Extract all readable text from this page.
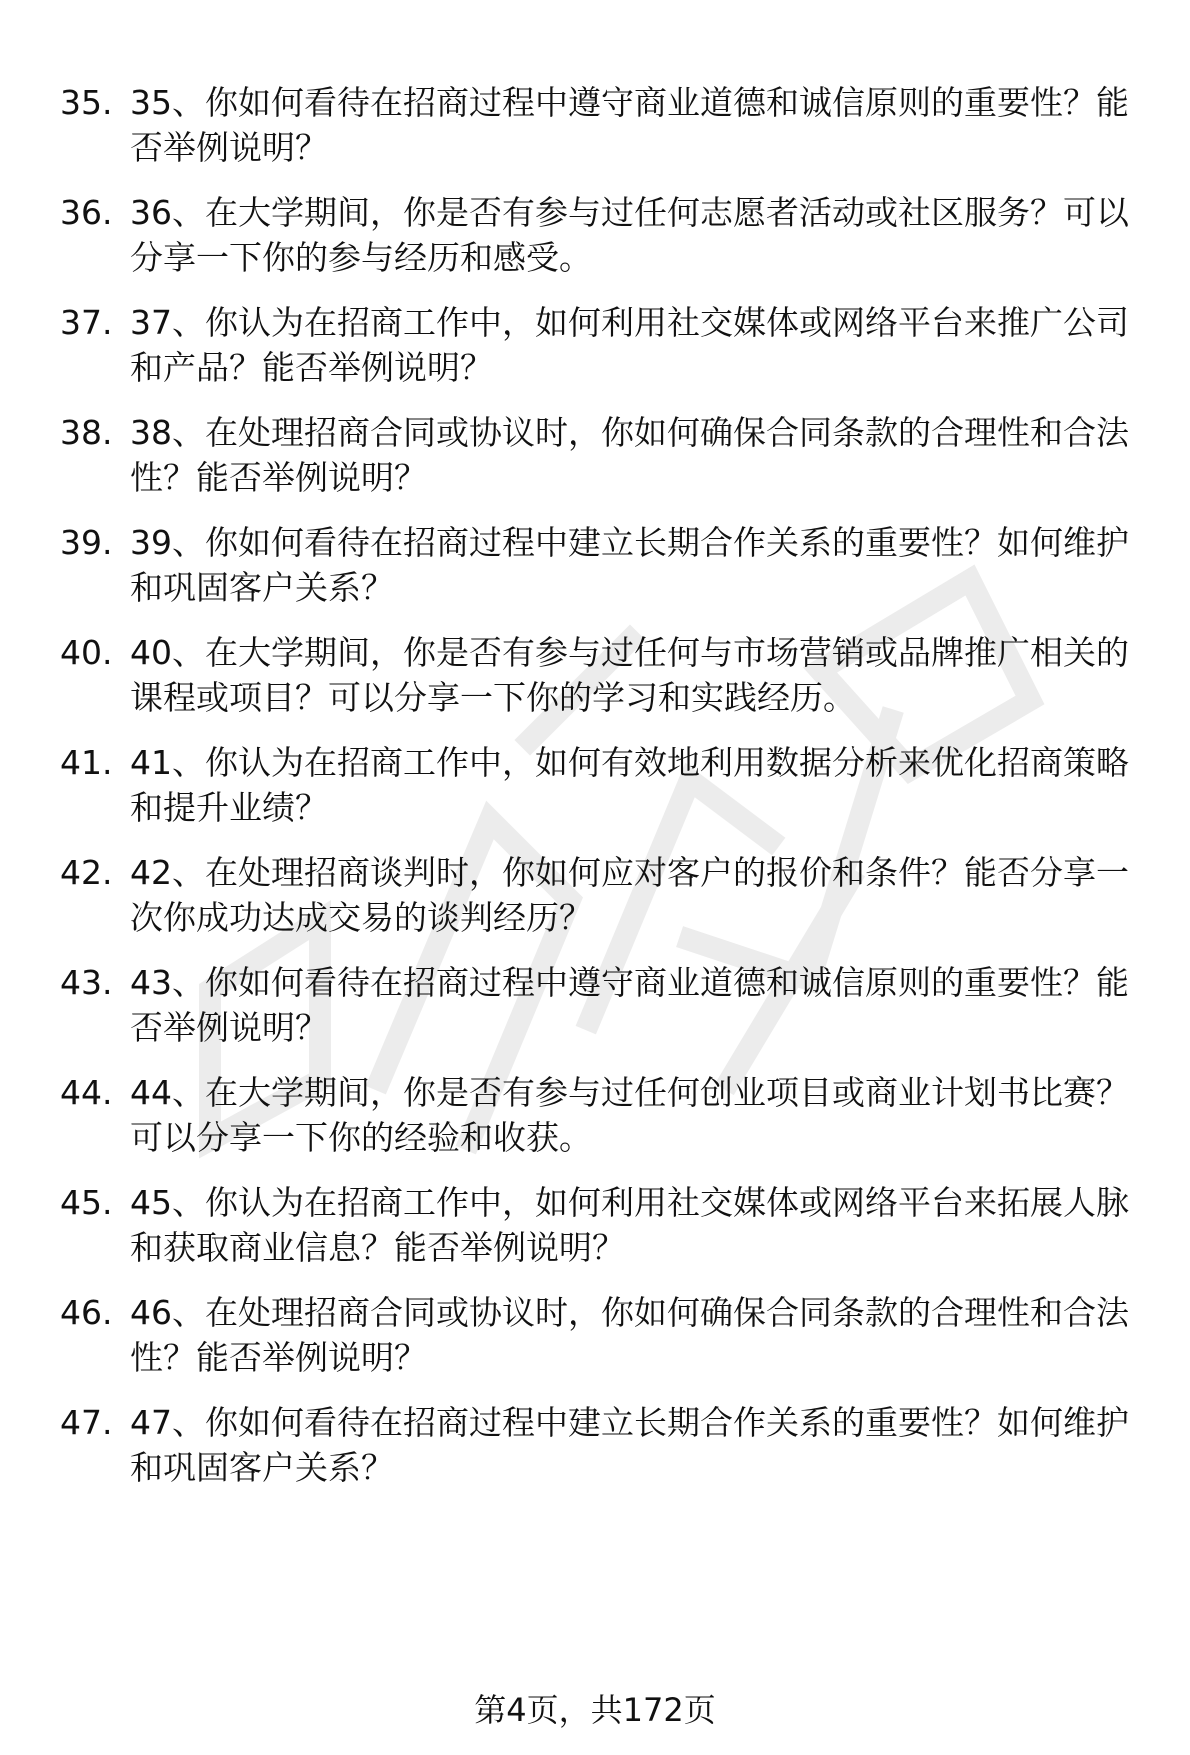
35. 35、你如何看待在招商过程中遵守商业道德和诚信原则的重要性？能否举例说明？
36. 36、在大学期间，你是否有参与过任何志愿者活动或社区服务？可以分享一下你的参与经历和感受。
37. 37、你认为在招商工作中，如何利用社交媒体或网络平台来推广公司和产品？能否举例说明？
38. 38、在处理招商合同或协议时，你如何确保合同条款的合理性和合法性？能否举例说明？
39. 39、你如何看待在招商过程中建立长期合作关系的重要性？如何维护和巩固客户关系？
40. 40、在大学期间，你是否有参与过任何与市场营销或品牌推广相关的课程或项目？可以分享一下你的学习和实践经历。
41. 41、你认为在招商工作中，如何有效地利用数据分析来优化招商策略和提升业绩？
42. 42、在处理招商谈判时，你如何应对客户的报价和条件？能否分享一次你成功达成交易的谈判经历？
43. 43、你如何看待在招商过程中遵守商业道德和诚信原则的重要性？能否举例说明？
44. 44、在大学期间，你是否有参与过任何创业项目或商业计划书比赛？可以分享一下你的经验和收获。
45. 45、你认为在招商工作中，如何利用社交媒体或网络平台来拓展人脉和获取商业信息？能否举例说明？
46. 46、在处理招商合同或协议时，你如何确保合同条款的合理性和合法性？能否举例说明？
47. 47、你如何看待在招商过程中建立长期合作关系的重要性？如何维护和巩固客户关系？
第4页，共172页
